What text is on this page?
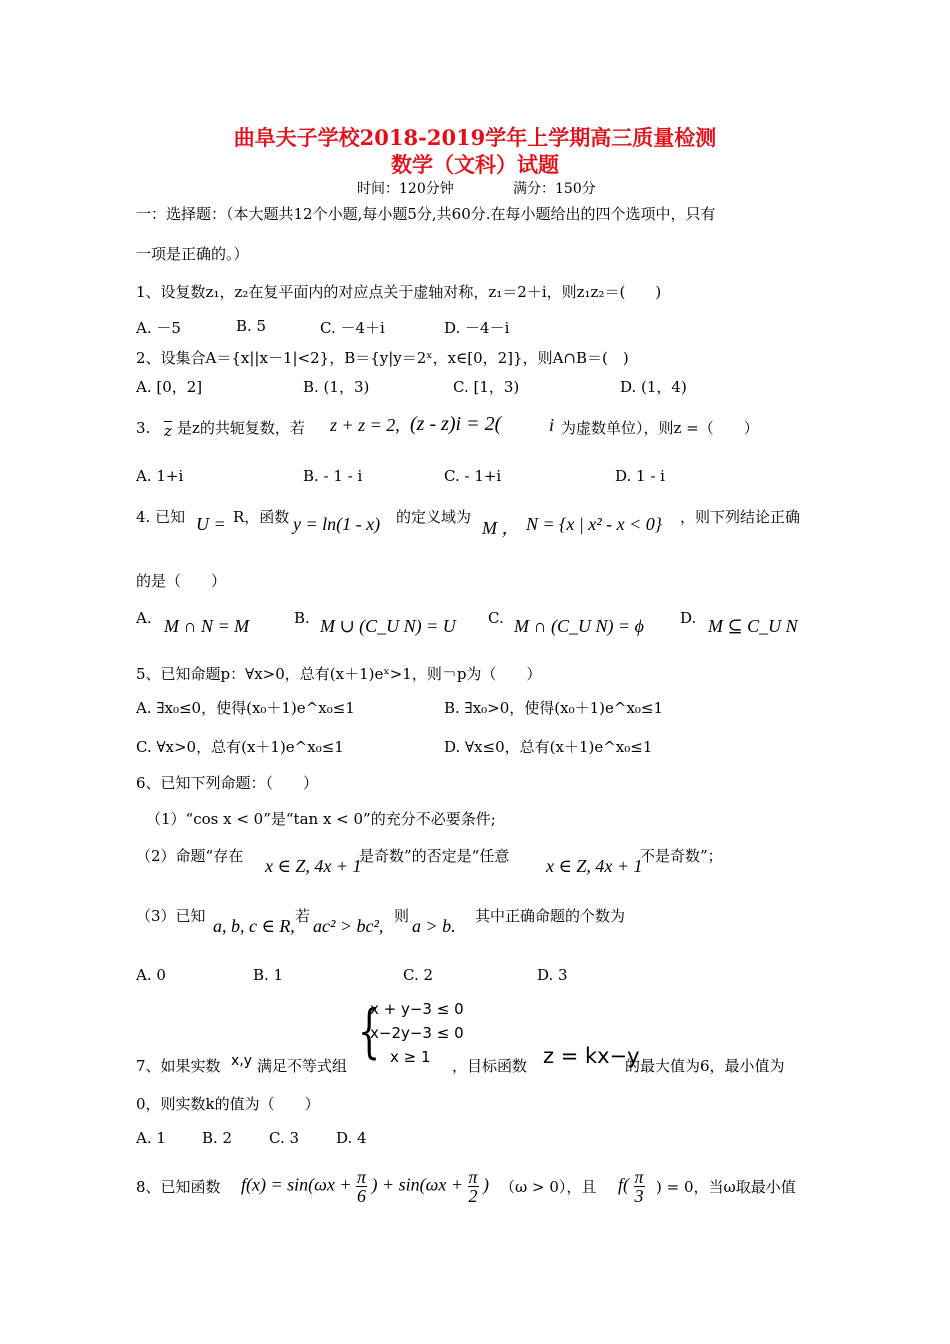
曲阜夫子学校2018-2019学年上学期高三质量检测
数学（文科）试题
时间：120分钟	满分：150分
一：选择题：（本大题共12个小题,每小题5分,共60分.在每小题给出的四个选项中，只有
一项是正确的。）
1、设复数z₁，z₂在复平面内的对应点关于虚轴对称，z₁＝2＋i，则z₁z₂＝(　　)
A. －5	B. 5	C. －4＋i	D. －4－i
2、设集合A＝{x||x－1|<2}，B＝{y|y＝2ˣ，x∈[0，2]}，则A∩B＝(　)
A. [0，2]	B. (1，3)	C. [1，3)	D. (1，4)
3. $\overline{z}$ 是z的共轭复数，若 z + z = 2, (z - z)i = 2(	i 为虚数单位），则z =（　　）
A. 1+i	B. - 1 - i	C. - 1+i	D. 1 - i
4. 已知 U = R，函数 y = ln(1 - x) 的定义域为
M ， N = {x | x² - x < 0} ，则下列结论正确
的是（　　）
A. M ∩ N = M	B. M ∪ (C_U N) = U C. M ∩ (C_U N) = ϕ D. M ⊆ C_U N
5、已知命题p：∀x>0，总有(x＋1)eˣ>1，则￢p为（　　）
A. ∃x₀≤0，使得(x₀＋1)e^x₀≤1	B. ∃x₀>0，使得(x₀＋1)e^x₀≤1
C. ∀x>0，总有(x＋1)e^x₀≤1	D. ∀x≤0，总有(x＋1)e^x₀≤1
6、已知下列命题：（　　）
（1）“cos x < 0”是“tan x < 0”的充分不必要条件;
（2）命题“存在 x ∈ Z, 4x + 1
是奇数”的否定是“任意 x ∈ Z, 4x + 1
不是奇数”；
（3）已知 a, b, c ∈ R, 若 ac² > bc², 则 a > b. 其中正确命题的个数为
A. 0	B. 1	C. 2	D. 3
{
x + y−3 ≤ 0
x−2y−3 ≤ 0
x ≥ 1
7、如果实数 x,y 满足不等式组	，目标函数 z = kx−y
的最大值为6，最小值为
0，则实数k的值为（　　）
A. 1 B. 2 C. 3 D. 4
8、已知函数 $f(x) = \sin(\omega x + \frac{\pi}{6}$ ) + $\sin(\omega x + \frac{\pi}{2}$ ) （ω > 0），且 $f( \frac{\pi}{3}$ ) = 0，当ω取最小值
